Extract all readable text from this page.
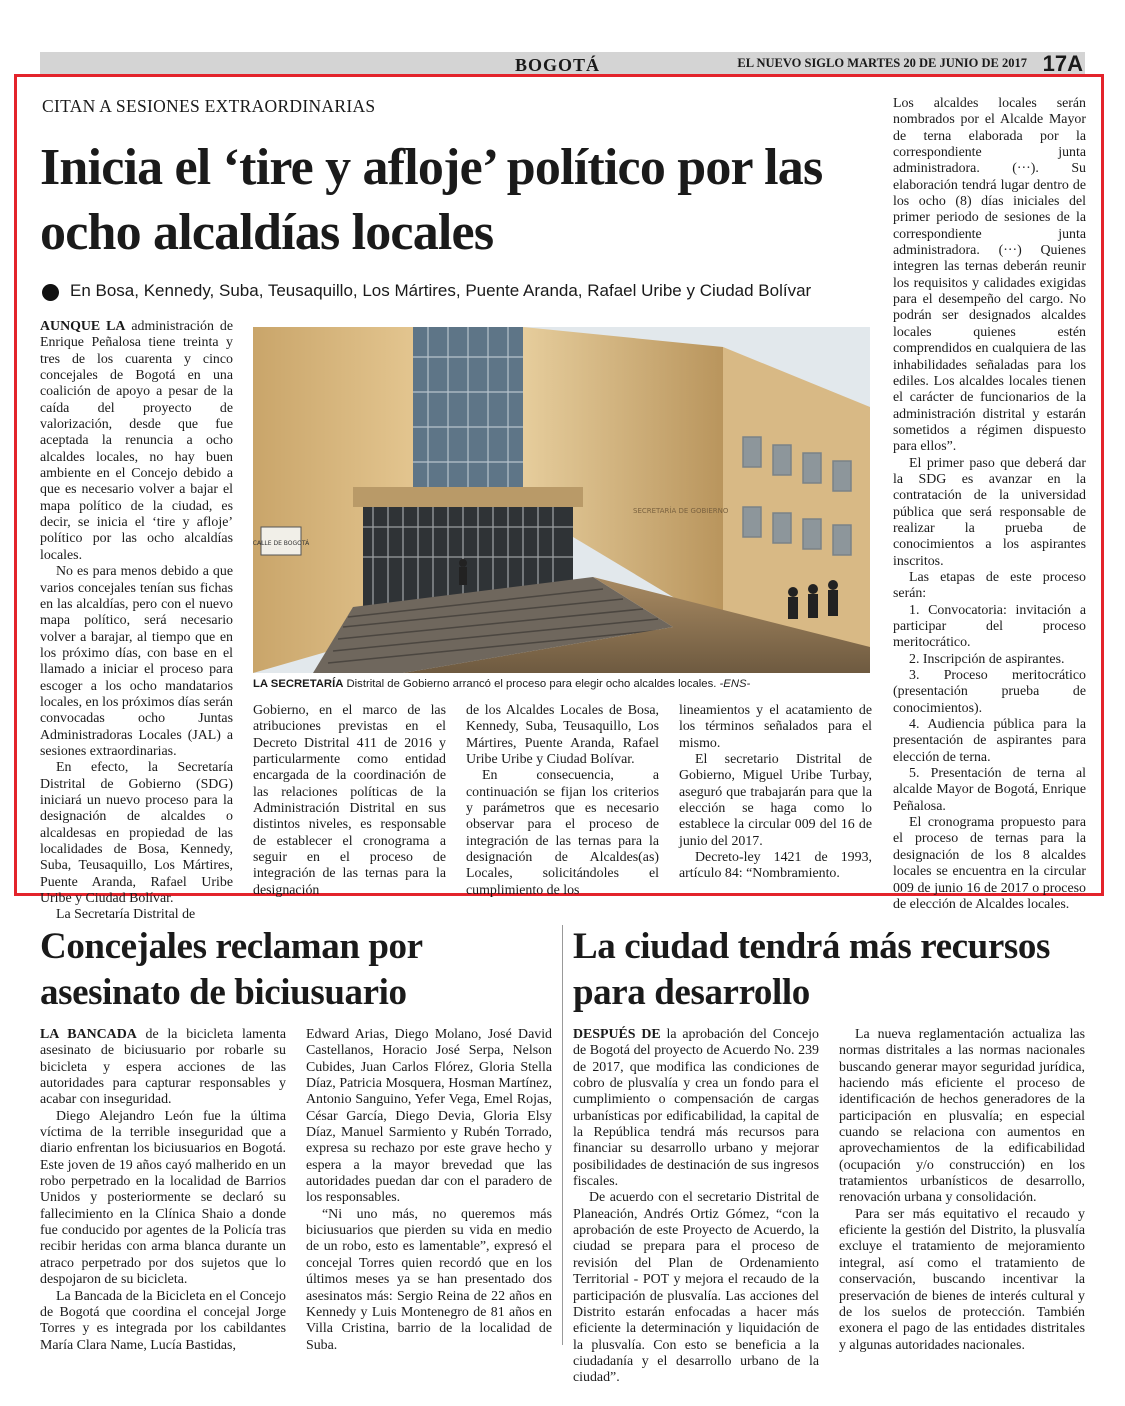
BOGOTÁ	EL NUEVO SIGLO MARTES 20 DE JUNIO DE 2017 17A
CITAN A SESIONES EXTRAORDINARIAS
Inicia el ‘tire y afloje’ político por las ocho alcaldías locales
En Bosa, Kennedy, Suba, Teusaquillo, Los Mártires, Puente Aranda, Rafael Uribe y Ciudad Bolívar

AUNQUE LA administración de Enrique Peñalosa tiene treinta y tres de los cuarenta y cinco concejales de Bogotá en una coalición de apoyo a pesar de la caída del proyecto de valorización, desde que fue aceptada la renuncia a ocho alcaldes locales, no hay buen ambiente en el Concejo debido a que es necesario volver a bajar el mapa político de la ciudad, es decir, se inicia el ‘tire y afloje’ político por las ocho alcaldías locales.

No es para menos debido a que varios concejales tenían sus fichas en las alcaldías, pero con el nuevo mapa político, será necesario volver a barajar, al tiempo que en los próximo días, con base en el llamado a iniciar el proceso para escoger a los ocho mandatarios locales, en los próximos días serán convocadas ocho Juntas Administradoras Locales (JAL) a sesiones extraordinarias.

En efecto, la Secretaría Distrital de Gobierno (SDG) iniciará un nuevo proceso para la designación de alcaldes o alcaldesas en propiedad de las localidades de Bosa, Kennedy, Suba, Teusaquillo, Los Mártires, Puente Aranda, Rafael Uribe Uribe y Ciudad Bolívar.

La Secretaría Distrital de

CALLE DE BOGOTÁ
SECRETARÍA DE GOBIERNO
LA SECRETARÍA Distrital de Gobierno arrancó el proceso para elegir ocho alcaldes locales. -ENS-

Gobierno, en el marco de las atribuciones previstas en el Decreto Distrital 411 de 2016 y particularmente como entidad encargada de la coordinación de las relaciones políticas de la Administración Distrital en sus distintos niveles, es responsable de establecer el cronograma a seguir en el proceso de integración de las ternas para la designación

de los Alcaldes Locales de Bosa, Kennedy, Suba, Teusaquillo, Los Mártires, Puente Aranda, Rafael Uribe Uribe y Ciudad Bolívar.

En consecuencia, a continuación se fijan los criterios y parámetros que es necesario observar para el proceso de integración de las ternas para la designación de Alcaldes(as) Locales, solicitándoles el cumplimiento de los

lineamientos y el acatamiento de los términos señalados para el mismo.

El secretario Distrital de Gobierno, Miguel Uribe Turbay, aseguró que trabajarán para que la elección se haga como lo establece la circular 009 del 16 de junio del 2017.

Decreto-ley 1421 de 1993, artículo 84: “Nombramiento.

Los alcaldes locales serán nombrados por el Alcalde Mayor de terna elaborada por la correspondiente junta administradora. (···). Su elaboración tendrá lugar dentro de los ocho (8) días iniciales del primer periodo de sesiones de la correspondiente junta administradora. (···) Quienes integren las ternas deberán reunir los requisitos y calidades exigidas para el desempeño del cargo. No podrán ser designados alcaldes locales quienes estén comprendidos en cualquiera de las inhabilidades señaladas para los ediles. Los alcaldes locales tienen el carácter de funcionarios de la administración distrital y estarán sometidos a régimen dispuesto para ellos”.

El primer paso que deberá dar la SDG es avanzar en la contratación de la universidad pública que será responsable de realizar la prueba de conocimientos a los aspirantes inscritos.

Las etapas de este proceso serán:

1. Convocatoria: invitación a participar del proceso meritocrático.

2. Inscripción de aspirantes.

3. Proceso meritocrático (presentación prueba de conocimientos).

4. Audiencia pública para la presentación de aspirantes para elección de terna.

5. Presentación de terna al alcalde Mayor de Bogotá, Enrique Peñalosa.

El cronograma propuesto para el proceso de ternas para la designación de los 8 alcaldes locales se encuentra en la circular 009 de junio 16 de 2017 o proceso de elección de Alcaldes locales.

Concejales reclaman por asesinato de biciusuario

LA BANCADA de la bicicleta lamenta asesinato de biciusuario por robarle su bicicleta y espera acciones de las autoridades para capturar responsables y acabar con inseguridad.

Diego Alejandro León fue la última víctima de la terrible inseguridad que a diario enfrentan los biciusuarios en Bogotá. Este joven de 19 años cayó malherido en un robo perpetrado en la localidad de Barrios Unidos y posteriormente se declaró su fallecimiento en la Clínica Shaio a donde fue conducido por agentes de la Policía tras recibir heridas con arma blanca durante un atraco perpetrado por dos sujetos que lo despojaron de su bicicleta.

La Bancada de la Bicicleta en el Concejo de Bogotá que coordina el concejal Jorge Torres y es integrada por los cabildantes María Clara Name, Lucía Bastidas,

Edward Arias, Diego Molano, José David Castellanos, Horacio José Serpa, Nelson Cubides, Juan Carlos Flórez, Gloria Stella Díaz, Patricia Mosquera, Hosman Martínez, Antonio Sanguino, Yefer Vega, Emel Rojas, César García, Diego Devia, Gloria Elsy Díaz, Manuel Sarmiento y Rubén Torrado, expresa su rechazo por este grave hecho y espera a la mayor brevedad que las autoridades puedan dar con el paradero de los responsables.

“Ni uno más, no queremos más biciusuarios que pierden su vida en medio de un robo, esto es lamentable”, expresó el concejal Torres quien recordó que en los últimos meses ya se han presentado dos asesinatos más: Sergio Reina de 22 años en Kennedy y Luis Montenegro de 81 años en Villa Cristina, barrio de la localidad de Suba.

La ciudad tendrá más recursos para desarrollo

DESPUÉS DE la aprobación del Concejo de Bogotá del proyecto de Acuerdo No. 239 de 2017, que modifica las condiciones de cobro de plusvalía y crea un fondo para el cumplimiento o compensación de cargas urbanísticas por edificabilidad, la capital de la República tendrá más recursos para financiar su desarrollo urbano y mejorar posibilidades de destinación de sus ingresos fiscales.

De acuerdo con el secretario Distrital de Planeación, Andrés Ortiz Gómez, “con la aprobación de este Proyecto de Acuerdo, la ciudad se prepara para el proceso de revisión del Plan de Ordenamiento Territorial - POT y mejora el recaudo de la participación de plusvalía. Las acciones del Distrito estarán enfocadas a hacer más eficiente la determinación y liquidación de la plusvalía. Con esto se beneficia a la ciudadanía y el desarrollo urbano de la ciudad”.

La nueva reglamentación actualiza las normas distritales a las normas nacionales buscando generar mayor seguridad jurídica, haciendo más eficiente el proceso de identificación de hechos generadores de la participación en plusvalía; en especial cuando se relaciona con aumentos en aprovechamientos de la edificabilidad (ocupación y/o construcción) en los tratamientos urbanísticos de desarrollo, renovación urbana y consolidación.

Para ser más equitativo el recaudo y eficiente la gestión del Distrito, la plusvalía excluye el tratamiento de mejoramiento integral, así como el tratamiento de conservación, buscando incentivar la preservación de bienes de interés cultural y de los suelos de protección. También exonera el pago de las entidades distritales y algunas autoridades nacionales.
